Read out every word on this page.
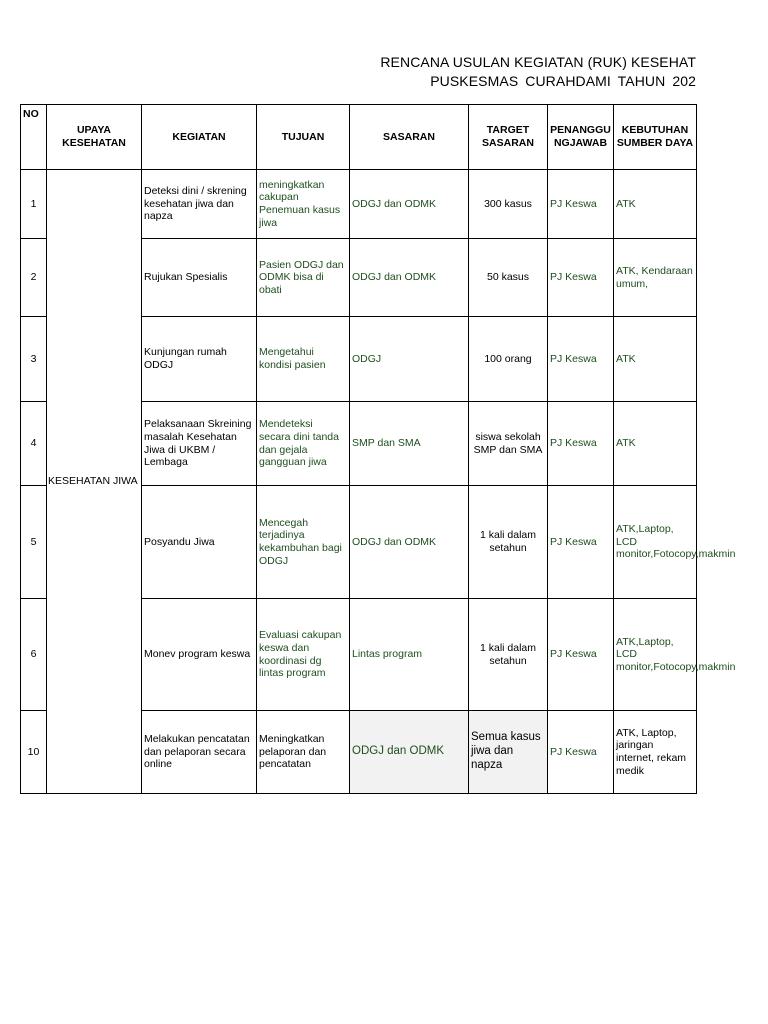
RENCANA USULAN KEGIATAN (RUK) KESEHAT
PUSKESMAS CURAHDAMI TAHUN 202
NO	UPAYA KESEHATAN	KEGIATAN	TUJUAN	SASARAN	TARGET SASARAN	PENANGGU NGJAWAB	KEBUTUHAN SUMBER DAYA
1	KESEHATAN JIWA	Deteksi dini / skrening kesehatan jiwa dan napza	meningkatkan cakupan Penemuan kasus jiwa	ODGJ dan ODMK	300 kasus	PJ Keswa	ATK
2		Rujukan Spesialis	Pasien ODGJ dan ODMK bisa di obati	ODGJ dan ODMK	50 kasus	PJ Keswa	ATK, Kendaraan umum,
3		Kunjungan rumah ODGJ	Mengetahui kondisi pasien	ODGJ	100 orang	PJ Keswa	ATK
4		Pelaksanaan Skreining masalah Kesehatan Jiwa di UKBM / Lembaga	Mendeteksi secara dini tanda dan gejala gangguan jiwa	SMP dan SMA	siswa sekolah SMP dan SMA	PJ Keswa	ATK
5		Posyandu Jiwa	Mencegah terjadinya kekambuhan bagi ODGJ	ODGJ dan ODMK	1 kali dalam setahun	PJ Keswa	ATK,Laptop, LCD monitor,Fotocopy,makmin
6		Monev program keswa	Evaluasi cakupan keswa dan koordinasi dg lintas program	Lintas program	1 kali dalam setahun	PJ Keswa	ATK,Laptop, LCD monitor,Fotocopy,makmin
10		Melakukan pencatatan dan pelaporan secara online	Meningkatkan pelaporan dan pencatatan	ODGJ dan ODMK	Semua kasus jiwa dan napza	PJ Keswa	ATK, Laptop, jaringan internet, rekam medik
